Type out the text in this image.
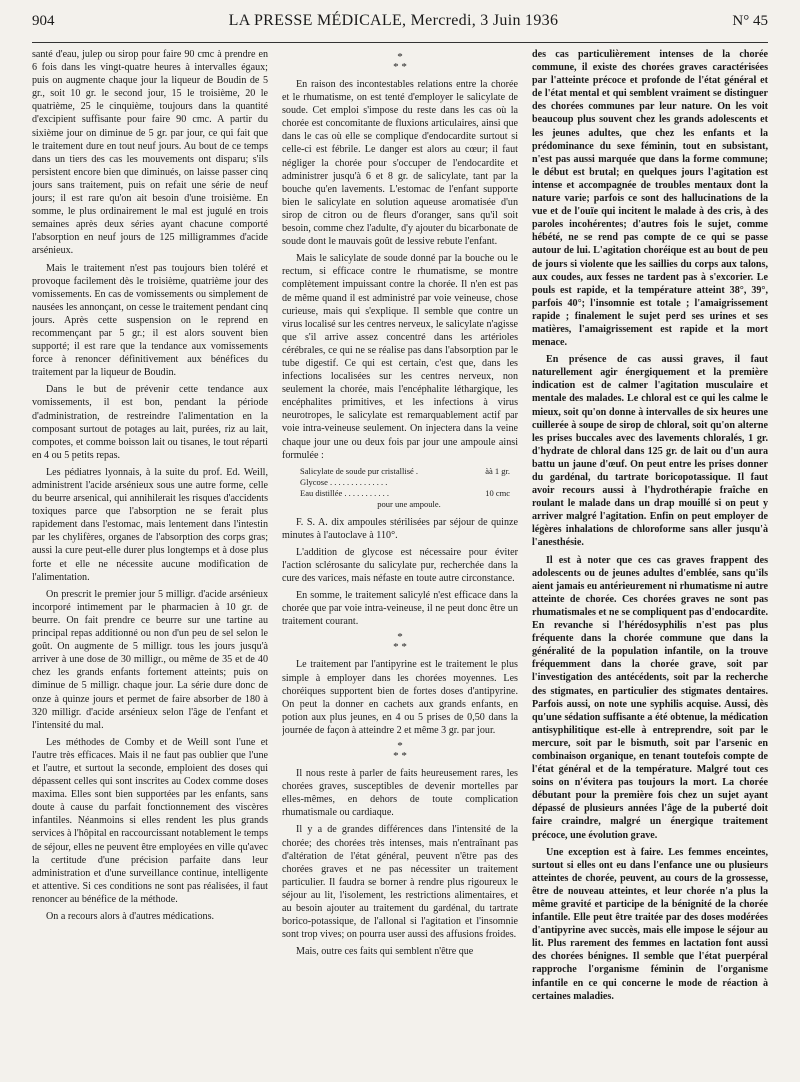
904	LA PRESSE MÉDICALE, Mercredi, 3 Juin 1936	N° 45

santé d'eau, julep ou sirop pour faire 90 cmc à prendre en 6 fois dans les vingt-quatre heures à intervalles égaux; puis on augmente chaque jour la liqueur de Boudin de 5 gr., soit 10 gr. le second jour, 15 le troisième, 20 le quatrième, 25 le cinquième, toujours dans la quantité d'excipient suffisante pour faire 90 cmc. A partir du sixième jour on diminue de 5 gr. par jour, ce qui fait que le traitement dure en tout neuf jours. Au bout de ce temps dans un tiers des cas les mouvements ont disparu; s'ils persistent encore bien que diminués, on laisse passer cinq jours sans traitement, puis on refait une série de neuf jours; il est rare qu'on ait besoin d'une troisième. En somme, le plus ordinairement le mal est jugulé en trois semaines après deux séries ayant chacune comporté l'absorption en neuf jours de 125 milligrammes d'acide arsénieux.

Mais le traitement n'est pas toujours bien toléré et provoque facilement dès le troisième, quatrième jour des vomissements. En cas de vomissements ou simplement de nausées les annonçant, on cesse le traitement pendant cinq jours. Après cette suspension on le reprend en recommençant par 5 gr.; il est alors souvent bien supporté; il est rare que la tendance aux vomissements force à renoncer définitivement aux bénéfices du traitement par la liqueur de Boudin.

Dans le but de prévenir cette tendance aux vomissements, il est bon, pendant la période d'administration, de restreindre l'alimentation en la composant surtout de potages au lait, purées, riz au lait, compotes, et comme boisson lait ou tisanes, le tout réparti en 4 ou 5 petits repas.

Les pédiatres lyonnais, à la suite du prof. Ed. Weill, administrent l'acide arsénieux sous une autre forme, celle du beurre arsenical, qui annihilerait les risques d'accidents toxiques parce que l'absorption ne se ferait plus rapidement dans l'estomac, mais lentement dans l'intestin par les chylifères, organes de l'absorption des corps gras; aussi la cure peut-elle durer plus longtemps et à dose plus forte et elle ne nécessite aucune modification de l'alimentation.

On prescrit le premier jour 5 milligr. d'acide arsénieux incorporé intimement par le pharmacien à 10 gr. de beurre. On fait prendre ce beurre sur une tartine au principal repas additionné ou non d'un peu de sel selon le goût. On augmente de 5 milligr. tous les jours jusqu'à arriver à une dose de 30 milligr., ou même de 35 et de 40 chez les grands enfants fortement atteints; puis on diminue de 5 milligr. chaque jour. La série dure donc de onze à quinze jours et permet de faire absorber de 180 à 320 milligr. d'acide arsénieux selon l'âge de l'enfant et l'intensité du mal.

Les méthodes de Comby et de Weill sont l'une et l'autre très efficaces. Mais il ne faut pas oublier que l'une et l'autre, et surtout la seconde, emploient des doses qui dépassent celles qui sont inscrites au Codex comme doses maxima. Elles sont bien supportées par les enfants, sans doute à cause du parfait fonctionnement des viscères infantiles. Néanmoins si elles rendent les plus grands services à l'hôpital en raccourcissant notablement le temps de séjour, elles ne peuvent être employées en ville qu'avec la certitude d'une précision parfaite dans leur administration et d'une surveillance continue, intelligente et attentive. Si ces conditions ne sont pas réalisées, il faut renoncer au bénéfice de la méthode.

On a recours alors à d'autres médications.

*
* *

En raison des incontestables relations entre la chorée et le rhumatisme, on est tenté d'employer le salicylate de soude. Cet emploi s'impose du reste dans les cas où la chorée est concomitante de fluxions articulaires, ainsi que dans le cas où elle se complique d'endocardite surtout si celle-ci est fébrile. Le danger est alors au cœur; il faut négliger la chorée pour s'occuper de l'endocardite et administrer jusqu'à 6 et 8 gr. de salicylate, tant par la bouche qu'en lavements. L'estomac de l'enfant supporte bien le salicylate en solution aqueuse aromatisée d'un sirop de citron ou de fleurs d'oranger, sans qu'il soit besoin, comme chez l'adulte, d'y ajouter du bicarbonate de soude dont le mauvais goût de lessive rebute l'enfant.

Mais le salicylate de soude donné par la bouche ou le rectum, si efficace contre le rhumatisme, se montre complètement impuissant contre la chorée. Il n'en est pas de même quand il est administré par voie veineuse, chose curieuse, mais qui s'explique. Il semble que contre un virus localisé sur les centres nerveux, le salicylate n'agisse que s'il arrive assez concentré dans les artérioles cérébrales, ce qui ne se réalise pas dans l'absorption par le tube digestif. Ce qui est certain, c'est que, dans les infections localisées sur les centres nerveux, non seulement la chorée, mais l'encéphalite léthargique, les encéphalites primitives, et les infections à virus neurotropes, le salicylate est remarquablement actif par voie intra-veineuse seulement. On injectera dans la veine chaque jour une ou deux fois par jour une ampoule ainsi formulée :

Salicylate de soude pur cristallisé .	àà 1 gr.
Glycose . . . . . . . . . . . . . .
Eau distillée . . . . . . . . . . .	10 cmc
pour une ampoule.

F. S. A. dix ampoules stérilisées par séjour de quinze minutes à l'autoclave à 110°.

L'addition de glycose est nécessaire pour éviter l'action sclérosante du salicylate pur, recherchée dans la cure des varices, mais néfaste en toute autre circonstance.

En somme, le traitement salicylé n'est efficace dans la chorée que par voie intra-veineuse, il ne peut donc être un traitement courant.

*
* *

Le traitement par l'antipyrine est le traitement le plus simple à employer dans les chorées moyennes. Les choréiques supportent bien de fortes doses d'antipyrine. On peut la donner en cachets aux grands enfants, en potion aux plus jeunes, en 4 ou 5 prises de 0,50 dans la journée de façon à atteindre 2 et même 3 gr. par jour.

*
* *

Il nous reste à parler de faits heureusement rares, les chorées graves, susceptibles de devenir mortelles par elles-mêmes, en dehors de toute complication rhumatismale ou cardiaque.

Il y a de grandes différences dans l'intensité de la chorée; des chorées très intenses, mais n'entraînant pas d'altération de l'état général, peuvent n'être pas des chorées graves et ne pas nécessiter un traitement particulier. Il faudra se borner à rendre plus rigoureux le séjour au lit, l'isolement, les restrictions alimentaires, et au besoin ajouter au traitement du gardénal, du tartrate borico-potassique, de l'allonal si l'agitation et l'insomnie sont trop vives; on pourra user aussi des affusions froides.

Mais, outre ces faits qui semblent n'être que

des cas particulièrement intenses de la chorée commune, il existe des chorées graves caractérisées par l'atteinte précoce et profonde de l'état général et de l'état mental et qui semblent vraiment se distinguer des chorées communes par leur nature. On les voit beaucoup plus souvent chez les grands adolescents et les jeunes adultes, que chez les enfants et la prédominance du sexe féminin, tout en subsistant, n'est pas aussi marquée que dans la forme commune; le début est brutal; en quelques jours l'agitation est intense et accompagnée de troubles mentaux dont la nature varie; parfois ce sont des hallucinations de la vue et de l'ouïe qui incitent le malade à des cris, à des paroles incohérentes; d'autres fois le sujet, comme hébété, ne se rend pas compte de ce qui se passe autour de lui. L'agitation choréique est au bout de peu de jours si violente que les saillies du corps aux talons, aux coudes, aux fesses ne tardent pas à s'excorier. Le pouls est rapide, et la température atteint 38°, 39°, parfois 40°; l'insomnie est totale ; l'amaigrissement rapide ; finalement le sujet perd ses urines et ses matières, l'amaigrissement est rapide et la mort menace.

En présence de cas aussi graves, il faut naturellement agir énergiquement et la première indication est de calmer l'agitation musculaire et mentale des malades. Le chloral est ce qui les calme le mieux, soit qu'on donne à intervalles de six heures une cuillerée à soupe de sirop de chloral, soit qu'on alterne les prises buccales avec des lavements chloralés, 1 gr. d'hydrate de chloral dans 125 gr. de lait ou d'un aura battu un jaune d'œuf. On peut entre les prises donner du gardénal, du tartrate boricopotassique. Il faut avoir recours aussi à l'hydrothérapie fraîche en roulant le malade dans un drap mouillé si on peut y arriver malgré l'agitation. Enfin on peut employer de légères inhalations de chloroforme sans aller jusqu'à l'anesthésie.

Il est à noter que ces cas graves frappent des adolescents ou de jeunes adultes d'emblée, sans qu'ils aient jamais eu antérieurement ni rhumatisme ni autre atteinte de chorée. Ces chorées graves ne sont pas rhumatismales et ne se compliquent pas d'endocardite. En revanche si l'hérédosyphilis n'est pas plus fréquente dans la chorée commune que dans la généralité de la population infantile, on la trouve fréquemment dans la chorée grave, soit par l'investigation des antécédents, soit par la recherche des stigmates, en particulier des stigmates dentaires. Parfois aussi, on note une syphilis acquise. Aussi, dès qu'une sédation suffisante a été obtenue, la médication antisyphilitique est-elle à entreprendre, soit par le mercure, soit par le bismuth, soit par l'arsenic en combinaison organique, en tenant toutefois compte de l'état général et de la température. Malgré tout ces soins on n'évitera pas toujours la mort. La chorée débutant pour la première fois chez un sujet ayant dépassé de plusieurs années l'âge de la puberté doit faire craindre, malgré un énergique traitement précoce, une évolution grave.

Une exception est à faire. Les femmes enceintes, surtout si elles ont eu dans l'enfance une ou plusieurs atteintes de chorée, peuvent, au cours de la grossesse, être de nouveau atteintes, et leur chorée n'a plus la même gravité et participe de la bénignité de la chorée infantile. Elle peut être traitée par des doses modérées d'antipyrine avec succès, mais elle impose le séjour au lit. Plus rarement des femmes en lactation font aussi des chorées bénignes. Il semble que l'état puerpéral rapproche l'organisme féminin de l'organisme infantile en ce qui concerne le mode de réaction à certaines maladies.
